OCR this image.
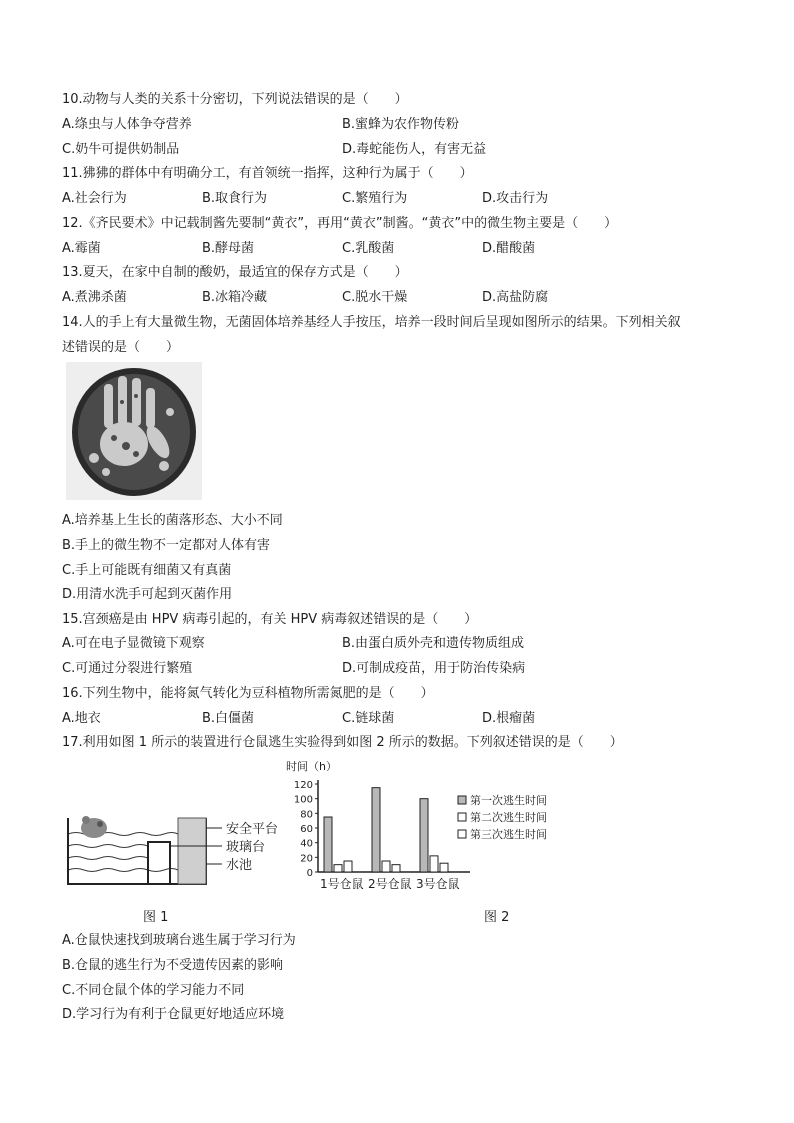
10.动物与人类的关系十分密切，下列说法错误的是（　　）
A.绦虫与人体争夺营养	B.蜜蜂为农作物传粉
C.奶牛可提供奶制品	D.毒蛇能伤人，有害无益
11.狒狒的群体中有明确分工，有首领统一指挥，这种行为属于（　　）
A.社会行为	B.取食行为	C.繁殖行为	D.攻击行为
12.《齐民要术》中记载制酱先要制“黄衣”，再用“黄衣”制酱。“黄衣”中的微生物主要是（　　）
A.霉菌	B.酵母菌	C.乳酸菌	D.醋酸菌
13.夏天，在家中自制的酸奶，最适宜的保存方式是（　　）
A.煮沸杀菌	B.冰箱冷藏	C.脱水干燥	D.高盐防腐
14.人的手上有大量微生物，无菌固体培养基经人手按压，培养一段时间后呈现如图所示的结果。下列相关叙
述错误的是（　　）
A.培养基上生长的菌落形态、大小不同
B.手上的微生物不一定都对人体有害
C.手上可能既有细菌又有真菌
D.用清水洗手可起到灭菌作用
15.宫颈癌是由 HPV 病毒引起的，有关 HPV 病毒叙述错误的是（　　）
A.可在电子显微镜下观察	B.由蛋白质外壳和遗传物质组成
C.可通过分裂进行繁殖	D.可制成疫苗，用于防治传染病
16.下列生物中，能将氮气转化为豆科植物所需氮肥的是（　　）
A.地衣	B.白僵菌	C.链球菌	D.根瘤菌
17.利用如图 1 所示的装置进行仓鼠逃生实验得到如图 2 所示的数据。下列叙述错误的是（　　）
安全平台
玻璃台
水池
图 1
时间（h）
0
20
40
60
80
100
120
1号仓鼠 2号仓鼠 3号仓鼠
第一次逃生时间
第二次逃生时间
第三次逃生时间
图 2
A.仓鼠快速找到玻璃台逃生属于学习行为
B.仓鼠的逃生行为不受遗传因素的影响
C.不同仓鼠个体的学习能力不同
D.学习行为有利于仓鼠更好地适应环境
